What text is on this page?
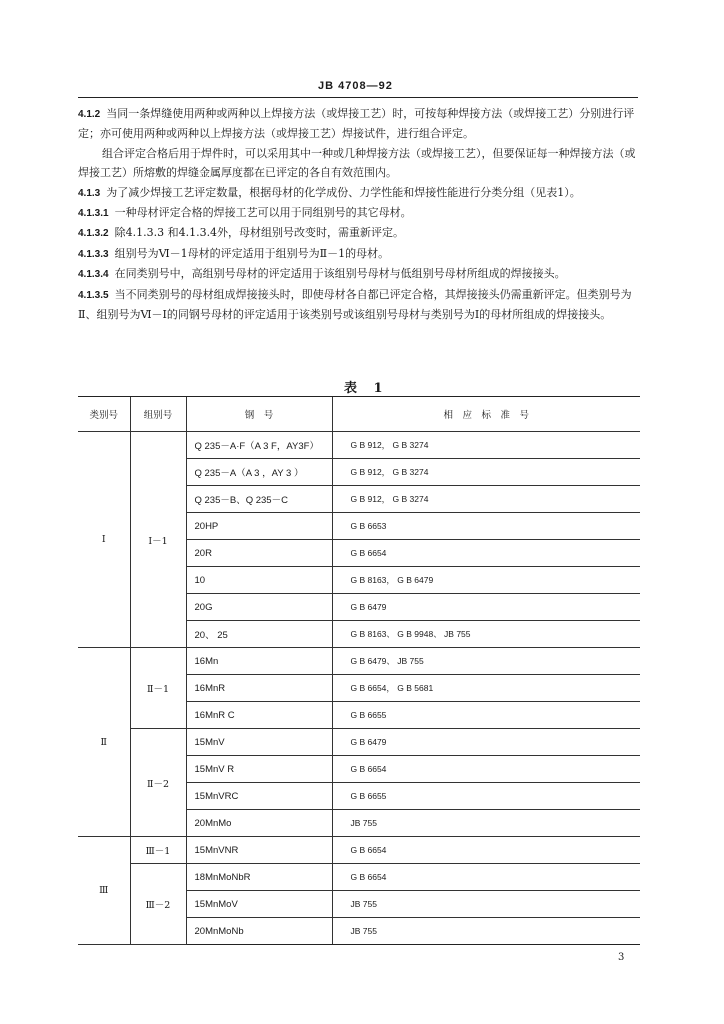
JB 4708—92

4.1.2 当同一条焊缝使用两种或两种以上焊接方法（或焊接工艺）时，可按每种焊接方法（或焊接工艺）分别进行评定；亦可使用两种或两种以上焊接方法（或焊接工艺）焊接试件，进行组合评定。

组合评定合格后用于焊件时，可以采用其中一种或几种焊接方法（或焊接工艺），但要保证每一种焊接方法（或焊接工艺）所熔敷的焊缝金属厚度都在已评定的各自有效范围内。

4.1.3 为了减少焊接工艺评定数量，根据母材的化学成份、力学性能和焊接性能进行分类分组（见表1）。

4.1.3.1 一种母材评定合格的焊接工艺可以用于同组别号的其它母材。

4.1.3.2 除4.1.3.3 和4.1.3.4外，母材组别号改变时，需重新评定。

4.1.3.3 组别号为Ⅵ－1母材的评定适用于组别号为Ⅱ－1的母材。

4.1.3.4 在同类别号中，高组别号母材的评定适用于该组别号母材与低组别号母材所组成的焊接接头。

4.1.3.5 当不同类别号的母材组成焊接接头时，即使母材各自都已评定合格，其焊接接头仍需重新评定。但类别号为Ⅱ、组别号为Ⅵ－Ⅰ的同钢号母材的评定适用于该类别号或该组别号母材与类别号为Ⅰ的母材所组成的焊接接头。

表 1
类别号	组别号	钢　号	相　应　标　准　号
Ⅰ	Ⅰ－1	Q 235－A·F（A 3 F，AY3F）	G B 912， G B 3274
		Q 235－A（A 3 ，AY 3 ）	G B 912， G B 3274
		Q 235－B、Q 235－C	G B 912， G B 3274
		20HP	G B 6653
		20R	G B 6654
		10	G B 8163， G B 6479
		20G	G B 6479
		20、 25	G B 8163、 G B 9948、 JB 755
Ⅱ	Ⅱ－1	16Mn	G B 6479、 JB 755
		16MnR	G B 6654， G B 5681
		16MnR C	G B 6655
	Ⅱ－2	15MnV	G B 6479
		15MnV R	G B 6654
		15MnVRC	G B 6655
		20MnMo	JB 755
Ⅲ	Ⅲ－1	15MnVNR	G B 6654
	Ⅲ－2	18MnMoNbR	G B 6654
		15MnMoV	JB 755
		20MnMoNb	JB 755
3
